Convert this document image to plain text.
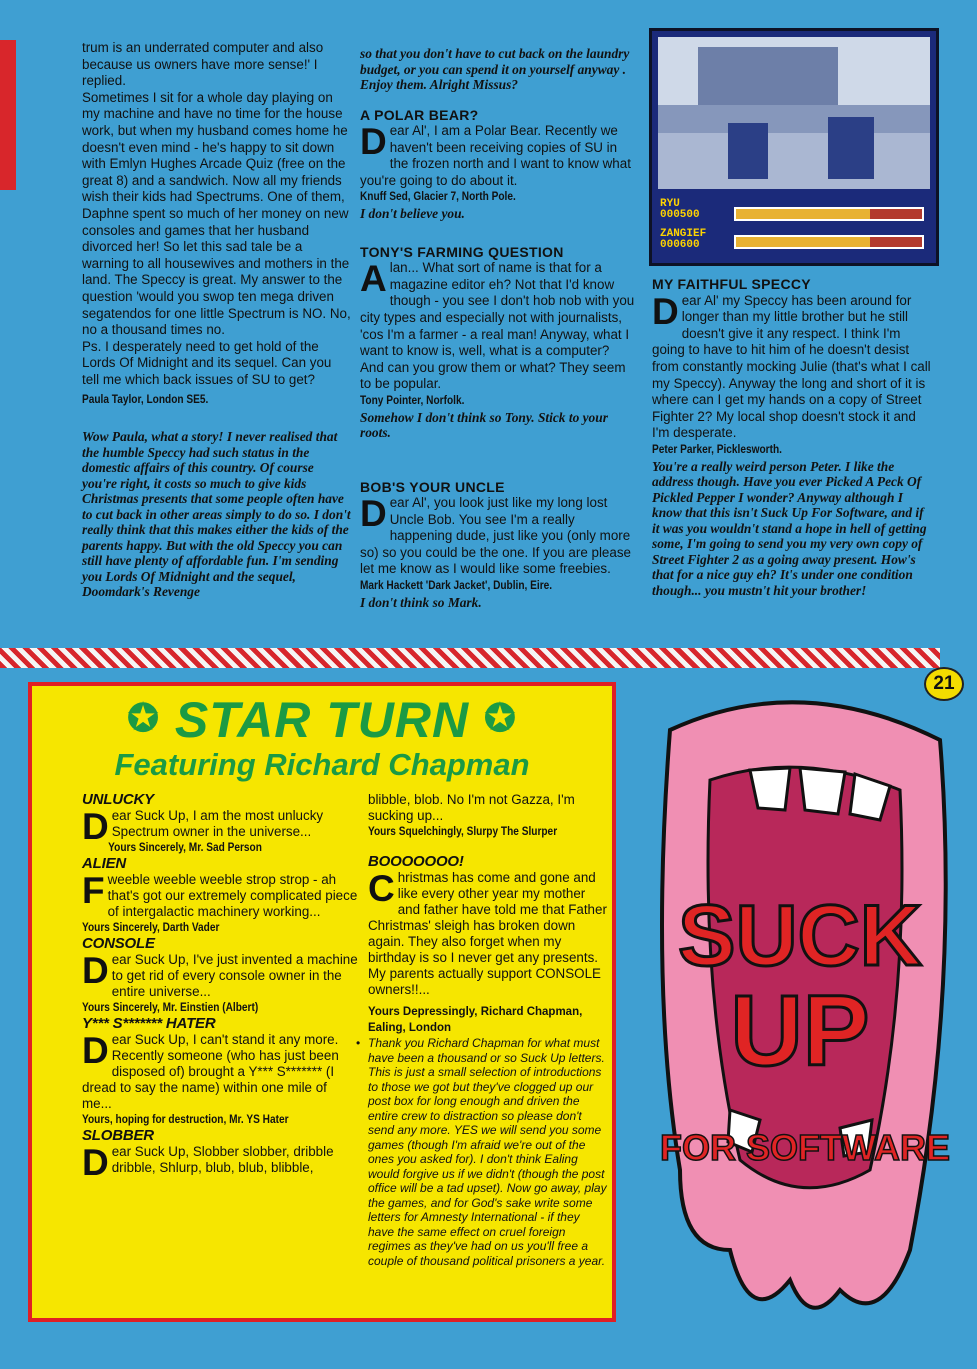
trum is an underrated computer and also because us owners have more sense!' I replied.

Sometimes I sit for a whole day playing on my machine and have no time for the house work, but when my husband comes home he doesn't even mind - he's happy to sit down with Emlyn Hughes Arcade Quiz (free on the great 8) and a sandwich. Now all my friends wish their kids had Spectrums. One of them, Daphne spent so much of her money on new consoles and games that her husband divorced her! So let this sad tale be a warning to all housewives and mothers in the land. The Speccy is great. My answer to the question 'would you swop ten mega driven segatendos for one little Spectrum is NO. No, no a thousand times no.

Ps. I desperately need to get hold of the Lords Of Midnight and its sequel. Can you tell me which back issues of SU to get?

Paula Taylor, London SE5.

Wow Paula, what a story! I never realised that the humble Speccy had such status in the domestic affairs of this country. Of course you're right, it costs so much to give kids Christmas presents that some people often have to cut back in other areas simply to do so. I don't really think that this makes either the kids of the parents happy. But with the old Speccy you can still have plenty of affordable fun. I'm sending you Lords Of Midnight and the sequel, Doomdark's Revenge

so that you don't have to cut back on the laundry budget, or you can spend it on yourself anyway . Enjoy them. Alright Missus?

A POLAR BEAR?

Dear Al', I am a Polar Bear. Recently we haven't been receiving copies of SU in the frozen north and I want to know what you're going to do about it.

Knuff Sed, Glacier 7, North Pole.

I don't believe you.

TONY'S FARMING QUESTION

Alan... What sort of name is that for a magazine editor eh? Not that I'd know though - you see I don't hob nob with you city types and especially not with journalists, 'cos I'm a farmer - a real man! Anyway, what I want to know is, well, what is a computer? And can you grow them or what? They seem to be popular.

Tony Pointer, Norfolk.

Somehow I don't think so Tony. Stick to your roots.

BOB'S YOUR UNCLE

Dear Al', you look just like my long lost Uncle Bob. You see I'm a really happening dude, just like you (only more so) so you could be the one. If you are please let me know as I would like some freebies.

Mark Hackett 'Dark Jacket', Dublin, Eire.

I don't think so Mark.

RYU
000500
ZANGIEF
000600

MY FAITHFUL SPECCY

Dear Al' my Speccy has been around for longer than my little brother but he still doesn't give it any respect. I think I'm going to have to hit him of he doesn't desist from constantly mocking Julie (that's what I call my Speccy). Anyway the long and short of it is where can I get my hands on a copy of Street Fighter 2? My local shop doesn't stock it and I'm desperate.

Peter Parker, Picklesworth.

You're a really weird person Peter. I like the address though. Have you ever Picked A Peck Of Pickled Pepper I wonder? Anyway although I know that this isn't Suck Up For Software, and if it was you wouldn't stand a hope in hell of getting some, I'm going to send you my very own copy of Street Fighter 2 as a going away present. How's that for a nice guy eh? It's under one condition though... you mustn't hit your brother!

21
✪ STAR TURN ✪
Featuring Richard Chapman

UNLUCKY

Dear Suck Up, I am the most unlucky Spectrum owner in the universe...

Yours Sincerely, Mr. Sad Person

ALIEN

Fweeble weeble weeble strop strop - ah that's got our extremely complicated piece of intergalactic machinery working...

Yours Sincerely, Darth Vader

CONSOLE

Dear Suck Up, I've just invented a machine to get rid of every console owner in the entire universe...

Yours Sincerely, Mr. Einstien (Albert)

Y*** S******* HATER

Dear Suck Up, I can't stand it any more. Recently someone (who has just been disposed of) brought a Y*** S******* (I dread to say the name) within one mile of me...

Yours, hoping for destruction, Mr. YS Hater

SLOBBER

Dear Suck Up, Slobber slobber, dribble dribble, Shlurp, blub, blub, blibble,

blibble, blob. No I'm not Gazza, I'm sucking up...

Yours Squelchingly, Slurpy The Slurper

BOOOOOOO!

Christmas has come and gone and like every other year my mother and father have told me that Father Christmas' sleigh has broken down again. They also forget when my birthday is so I never get any presents. My parents actually support CONSOLE owners!!...

Yours Depressingly, Richard Chapman, Ealing, London

• Thank you Richard Chapman for what must have been a thousand or so Suck Up letters. This is just a small selection of introductions to those we got but they've clogged up our post box for long enough and driven the entire crew to distraction so please don't send any more. YES we will send you some games (though I'm afraid we're out of the ones you asked for). I don't think Ealing would forgive us if we didn't (though the post office will be a tad upset). Now go away, play the games, and for God's sake write some letters for Amnesty International - if they have the same effect on cruel foreign regimes as they've had on us you'll free a couple of thousand political prisoners a year.

SUCK
UP
FOR SOFTWARE
